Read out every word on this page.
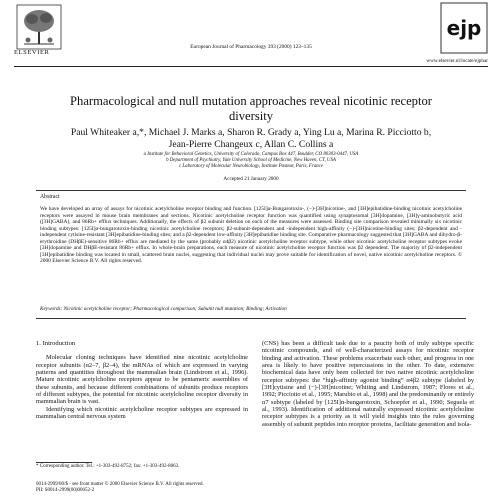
ELSEVIER
European Journal of Pharmacology 393 (2000) 123–135
ejp
www.elsevier.nl/locate/ejphar
Pharmacological and null mutation approaches reveal nicotinic receptor
diversity
Paul Whiteaker a,*, Michael J. Marks a, Sharon R. Grady a, Ying Lu a, Marina R. Picciotto b,
Jean-Pierre Changeux c, Allan C. Collins a
a Institute for Behavioral Genetics, University of Colorado, Campus Box 447, Boulder, CO 80303-0447, USA
b Department of Psychiatry, Yale University School of Medicine, New Haven, CT, USA
c Laboratory of Molecular Neurobiology, Institute Pasteur, Paris, France
Accepted 21 January 2000
Abstract
We have developed an array of assays for nicotinic acetylcholine receptor binding and function. [125I]α-Bungarotoxin-, (−)-[3H]nicotine-, and [3H]epibatidine-binding nicotinic acetylcholine receptors were assayed in mouse brain membranes and sections. Nicotinic acetylcholine receptor function was quantified using synaptosomal [3H]dopamine, [3H]γ-aminobutyric acid ([3H]GABA), and 86Rb+ efflux techniques. Additionally, the effects of β2 subunit deletion on each of the measures were assessed. Binding site comparison revealed minimally six nicotinic binding subtypes: [125I]α-bungarotoxin-binding nicotinic acetylcholine receptors; β2-subunit-dependent and -independent high-affinity (−)-[3H]nicotine-binding sites; β2-dependent and -independent cytisine-resistant [3H]epibatidine-binding sites; and a β2-dependent low-affinity [3H]epibatidine binding site. Comparative pharmacology suggested that [3H]GABA and dihydro-β-erythroidine (DHβE)-sensitive 86Rb+ efflux are mediated by the same (probably α4β2) nicotinic acetylcholine receptor subtype, while other nicotinic acetylcholine receptor subtypes evoke [3H]dopamine and DHβE-resistant 86Rb+ efflux. In whole-brain preparations, each measure of nicotinic acetylcholine receptor function was β2 dependent. The majority of β2-independent [3H]epibatidine binding was located in small, scattered brain nuclei, suggesting that individual nuclei may prove suitable for identification of novel, native nicotinic acetylcholine receptors. © 2000 Elsevier Science B.V. All rights reserved.
Keywords: Nicotinic acetylcholine receptor; Pharmacological comparison; Subunit null mutation; Binding; Activation
1. Introduction

Molecular cloning techniques have identified nine nicotinic acetylcholine receptor subunits (α2–7, β2–4), the mRNAs of which are expressed in varying patterns and quantities throughout the mammalian brain (Lindstrom et al., 1996). Mature nicotinic acetylcholine receptors appear to be pentameric assemblies of these subunits, and because different combinations of subunits produce receptors of different subtypes, the potential for nicotinic acetylcholine receptor diversity in mammalian brain is vast.

Identifying which nicotinic acetylcholine receptor subtypes are expressed in mammalian central nervous system

(CNS) has been a difficult task due to a paucity both of truly subtype specific nicotinic compounds, and of well-characterized assays for nicotinic receptor binding and activation. These problems exacerbate each other, and progress in one area is likely to have positive repercussions in the other. To date, extensive biochemical data have only been collected for two native nicotinic acetylcholine receptor subtypes: the “high-affinity agonist binding” α4β2 subtype (labeled by [3H]cytisine and (−)-[3H]nicotine; Whiting and Lindstrom, 1987; Flores et al., 1992; Picciotto et al., 1995; Marubio et al., 1998) and the predominantly or entirely α7 subtype (labeled by [125I]α-bungarotoxin, Schoepfer et al., 1990; Seguela et al., 1993). Identification of additional naturally expressed nicotinic acetylcholine receptor subtypes is a priority as it will yield insights into the rules governing assembly of subunit peptides into receptor proteins, facilitate generation and isola-

* Corresponding author. Tel.: +1-303-492-8752; fax: +1-303-492-8063.
0014-2999/00/$ - see front matter © 2000 Elsevier Science B.V. All rights reserved.
PII: S0014-2999(00)00052-2
